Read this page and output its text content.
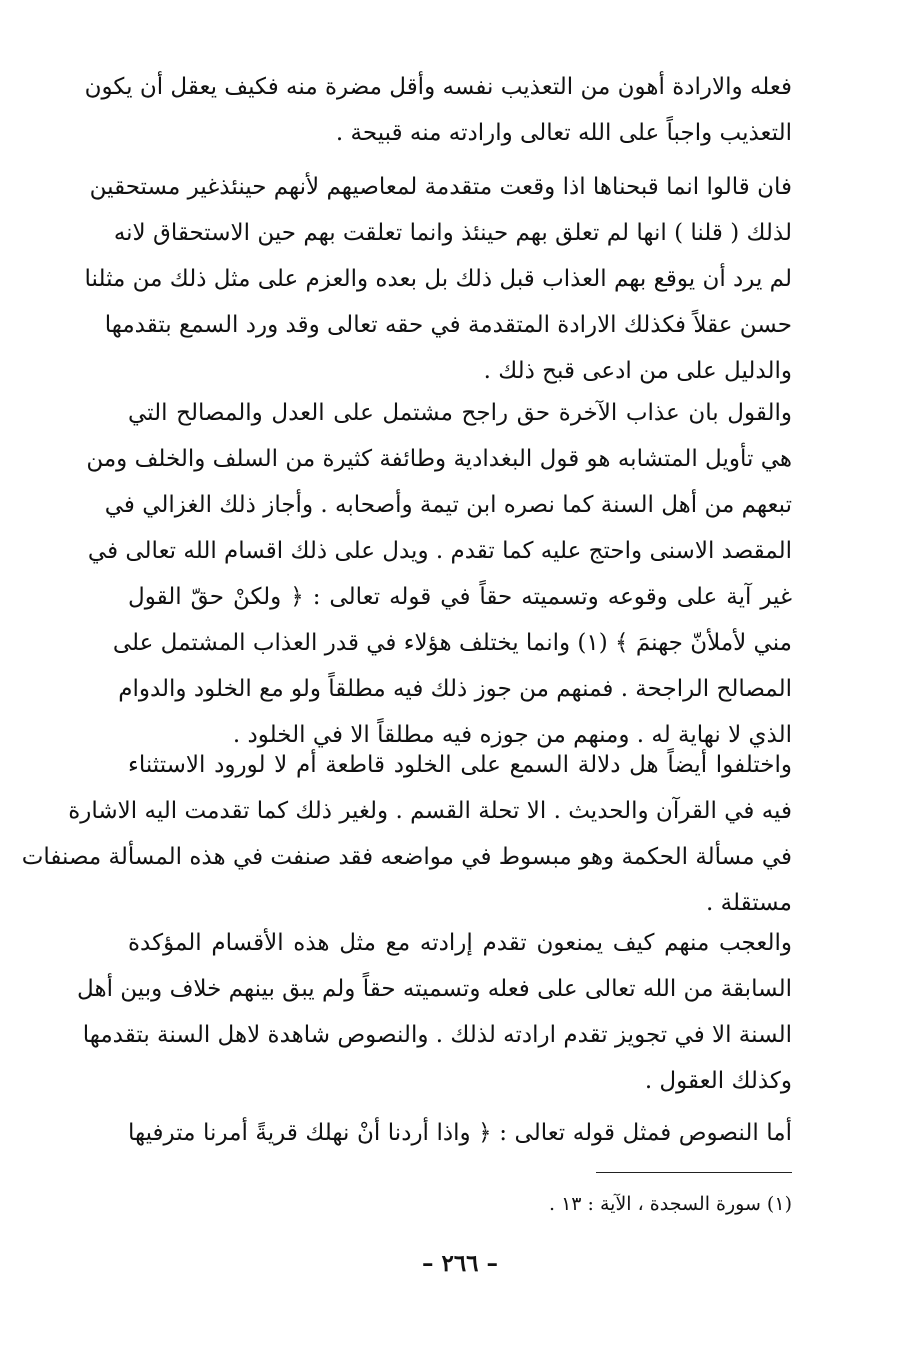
فعله والارادة أهون من التعذيب نفسه وأقل مضرة منه فكيف يعقل أن يكون
التعذيب واجباً على الله تعالى وارادته منه قبيحة .
فان قالوا انما قبحناها اذا وقعت متقدمة لمعاصيهم لأنهم حينئذغير مستحقين
لذلك ( قلنا ) انها لم تعلق بهم حينئذ وانما تعلقت بهم حين الاستحقاق لانه
لم يرد أن يوقع بهم العذاب قبل ذلك بل بعده والعزم على مثل ذلك من مثلنا
حسن عقلاً فكذلك الارادة المتقدمة في حقه تعالى وقد ورد السمع بتقدمها
والدليل على من ادعى قبح ذلك .
والقول بان عذاب الآخرة حق راجح مشتمل على العدل والمصالح التي
هي تأويل المتشابه هو قول البغدادية وطائفة كثيرة من السلف والخلف ومن
تبعهم من أهل السنة كما نصره ابن تيمة وأصحابه . وأجاز ذلك الغزالي في
المقصد الاسنى واحتج عليه كما تقدم . ويدل على ذلك اقسام الله تعالى في
غير آية على وقوعه وتسميته حقاً في قوله تعالى : ﴿ ولكنْ حقّ القول
مني لأملأنّ جهنمَ ﴾ (١) وانما يختلف هؤلاء في قدر العذاب المشتمل على
المصالح الراجحة . فمنهم من جوز ذلك فيه مطلقاً ولو مع الخلود والدوام
الذي لا نهاية له . ومنهم من جوزه فيه مطلقاً الا في الخلود .
واختلفوا أيضاً هل دلالة السمع على الخلود قاطعة أم لا لورود الاستثناء
فيه في القرآن والحديث . الا تحلة القسم . ولغير ذلك كما تقدمت اليه الاشارة
في مسألة الحكمة وهو مبسوط في مواضعه فقد صنفت في هذه المسألة مصنفات
مستقلة .
والعجب منهم كيف يمنعون تقدم إرادته مع مثل هذه الأقسام المؤكدة
السابقة من الله تعالى على فعله وتسميته حقاً ولم يبق بينهم خلاف وبين أهل
السنة الا في تجويز تقدم ارادته لذلك . والنصوص شاهدة لاهل السنة بتقدمها
وكذلك العقول .
أما النصوص فمثل قوله تعالى : ﴿ واذا أردنا أنْ نهلك قريةً أمرنا مترفيها
(١) سورة السجدة ، الآية : ١٣ .
– ٢٦٦ –
